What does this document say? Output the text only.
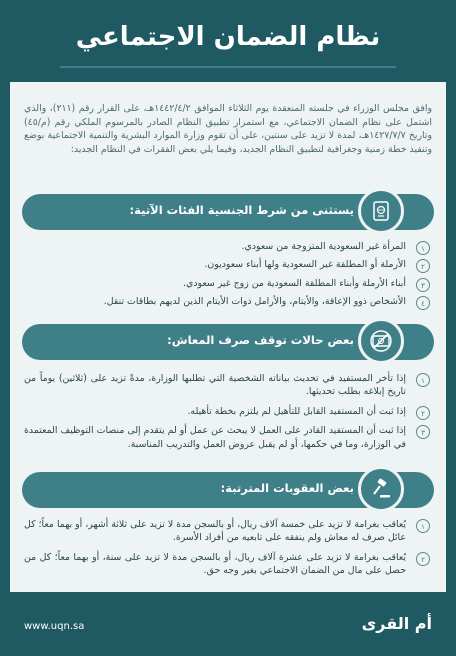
نظام الضمان الاجتماعي
وافق مجلس الوزراء في جلسته المنعقدة يوم الثلاثاء الموافق ١٤٤٢/٤/٢هـ، على القرار رقم (٢١١)، والذي اشتمل على نظام الضمان الاجتماعي، مع استمرار تطبيق النظام الصادر بالمرسوم الملكي رقم (م/٤٥) وتاريخ ١٤٢٧/٧/٧هـ، لمدة لا تزيد على سنتين، على أن تقوم وزارة الموارد البشرية والتنمية الاجتماعية بوضع وتنفيذ خطة زمنية وجغرافية لتطبيق النظام الجديد، وفيما يلي بعض الفقرات في النظام الجديد:
يستثنى من شرط الجنسية الفئات الآتية:
١
المرأة غير السعودية المتزوجة من سعودي.
٢
الأرملة أو المطلقة غير السعودية ولها أبناء سعوديون.
٣
أبناء الأرملة وأبناء المطلقة السعودية من زوج غير سعودي.
٤
الأشخاص ذوو الإعاقة، والأيتام، والأرامل ذوات الأيتام الذين لديهم بطاقات تنقل.
بعض حالات توقف صرف المعاش:
١
إذا تأخر المستفيد في تحديث بياناته الشخصية التي تطلبها الوزارة، مدةً تزيد على (ثلاثين) يوماً من تاريخ إبلاغه بطلب تحديثها.
٢
إذا ثبت أن المستفيد القابل للتأهيل لم يلتزم بخطة تأهيله.
٣
إذا ثبت أن المستفيد القادر على العمل لا يبحث عن عمل أو لم يتقدم إلى منصات التوظيف المعتمدة في الوزارة، وما في حكمها، أو لم يقبل عروض العمل والتدريب المناسبة.
بعض العقوبات المترتبة:
١
يُعاقب بغرامة لا تزيد على خمسة آلاف ريال، أو بالسجن مدة لا تزيد على ثلاثة أشهر، أو بهما معاً؛ كل عائل صرف له معاش ولم ينفقه على تابعيه من أفراد الأسرة.
٢
يُعاقب بغرامة لا تزيد على عشرة آلاف ريال، أو بالسجن مدة لا تزيد على سنة، أو بهما معاً؛ كل من حصل على مال من الضمان الاجتماعي بغير وجه حق.
www.uqn.sa	أم القرى
